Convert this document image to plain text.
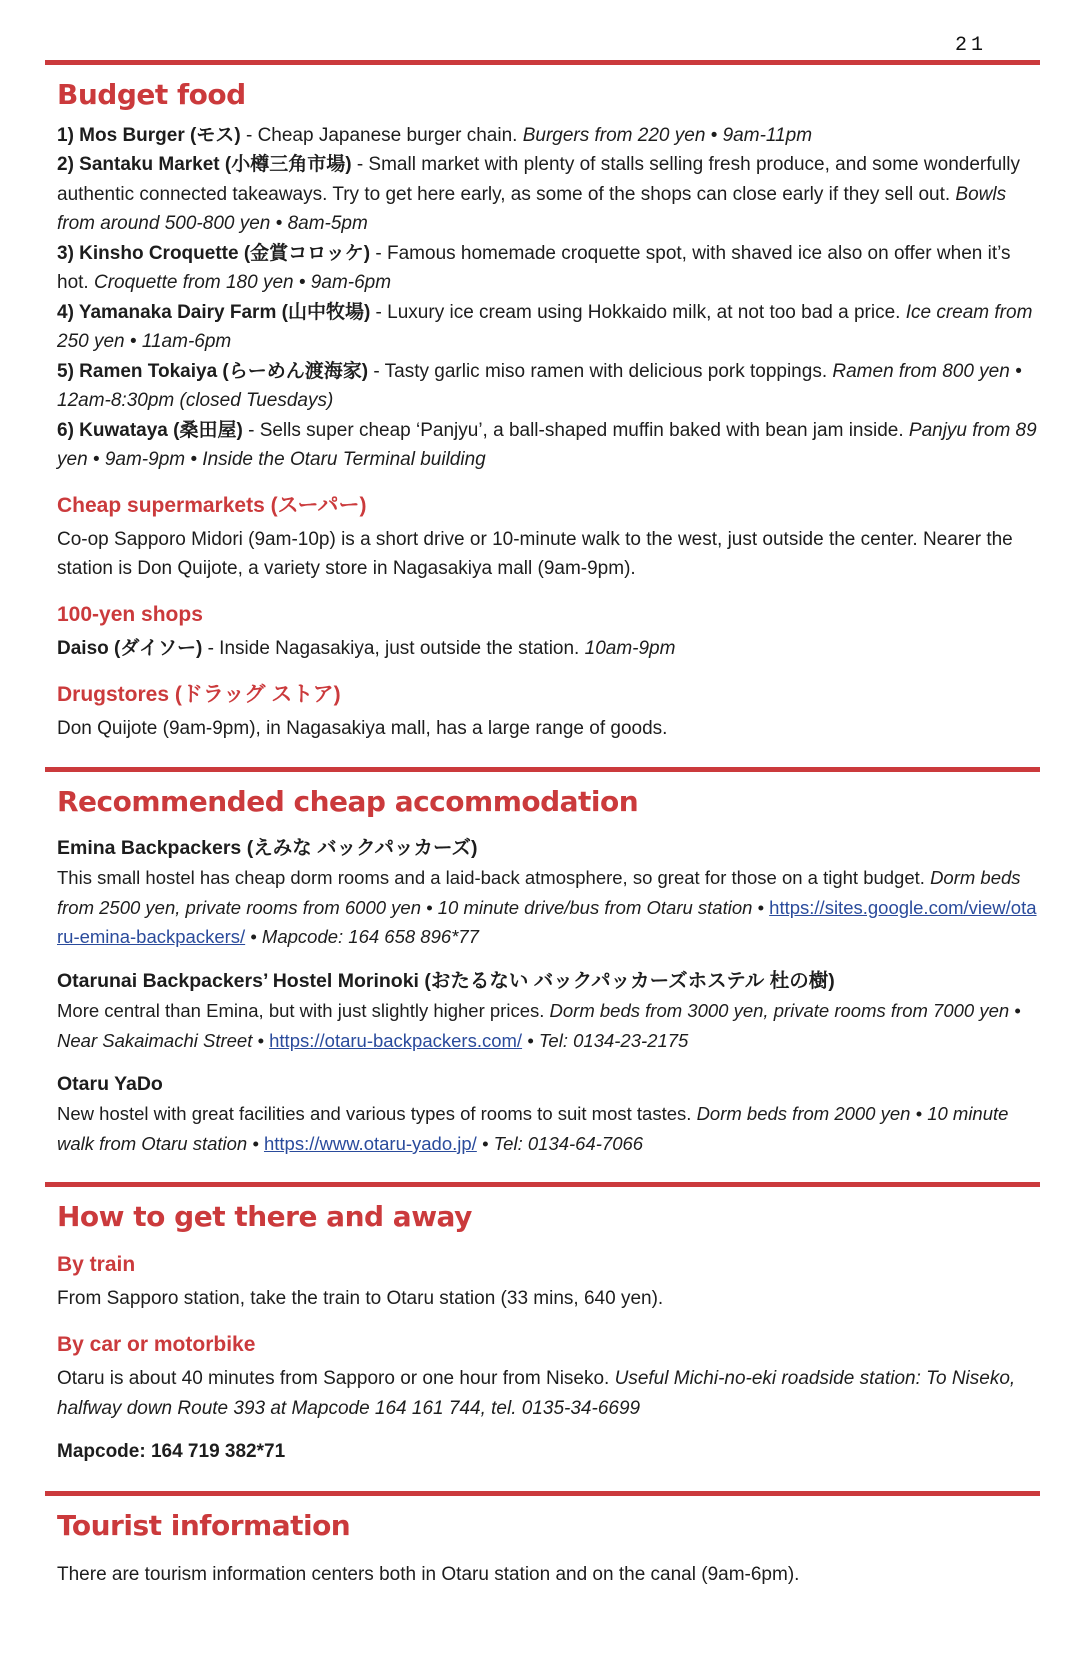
21
Budget food

1) Mos Burger (モス) - Cheap Japanese burger chain. Burgers from 220 yen • 9am-11pm

2) Santaku Market (小樽三角市場) - Small market with plenty of stalls selling fresh produce, and some wonderfully authentic connected takeaways. Try to get here early, as some of the shops can close early if they sell out. Bowls from around 500-800 yen • 8am-5pm

3) Kinsho Croquette (金賞コロッケ) - Famous homemade croquette spot, with shaved ice also on offer when it’s hot. Croquette from 180 yen • 9am-6pm

4) Yamanaka Dairy Farm (山中牧場) - Luxury ice cream using Hokkaido milk, at not too bad a price. Ice cream from 250 yen • 11am-6pm

5) Ramen Tokaiya (らーめん渡海家) - Tasty garlic miso ramen with delicious pork toppings. Ramen from 800 yen • 12am-8:30pm (closed Tuesdays)

6) Kuwataya (桑田屋) - Sells super cheap ‘Panjyu’, a ball-shaped muffin baked with bean jam inside. Panjyu from 89 yen • 9am-9pm • Inside the Otaru Terminal building

Cheap supermarkets (スーパー)

Co-op Sapporo Midori (9am-10p) is a short drive or 10-minute walk to the west, just outside the center. Nearer the station is Don Quijote, a variety store in Nagasakiya mall (9am-9pm).

100-yen shops

Daiso (ダイソー) - Inside Nagasakiya, just outside the station. 10am-9pm

Drugstores (ドラッグ ストア)

Don Quijote (9am-9pm), in Nagasakiya mall, has a large range of goods.

Recommended cheap accommodation

Emina Backpackers (えみな バックパッカーズ)

This small hostel has cheap dorm rooms and a laid-back atmosphere, so great for those on a tight budget. Dorm beds from 2500 yen, private rooms from 6000 yen • 10 minute drive/bus from Otaru station • https://sites.google.com/view/otaru-emina-backpackers/ • Mapcode: 164 658 896*77

Otarunai Backpackers’ Hostel Morinoki (おたるない バックパッカーズホステル 杜の樹)

More central than Emina, but with just slightly higher prices. Dorm beds from 3000 yen, private rooms from 7000 yen • Near Sakaimachi Street • https://otaru-backpackers.com/ • Tel: 0134-23-2175

Otaru YaDo

New hostel with great facilities and various types of rooms to suit most tastes. Dorm beds from 2000 yen • 10 minute walk from Otaru station • https://www.otaru-yado.jp/ • Tel: 0134-64-7066

How to get there and away
By train

From Sapporo station, take the train to Otaru station (33 mins, 640 yen).

By car or motorbike

Otaru is about 40 minutes from Sapporo or one hour from Niseko. Useful Michi-no-eki roadside station: To Niseko, halfway down Route 393 at Mapcode 164 161 744, tel. 0135-34-6699

Mapcode: 164 719 382*71

Tourist information

There are tourism information centers both in Otaru station and on the canal (9am-6pm).
